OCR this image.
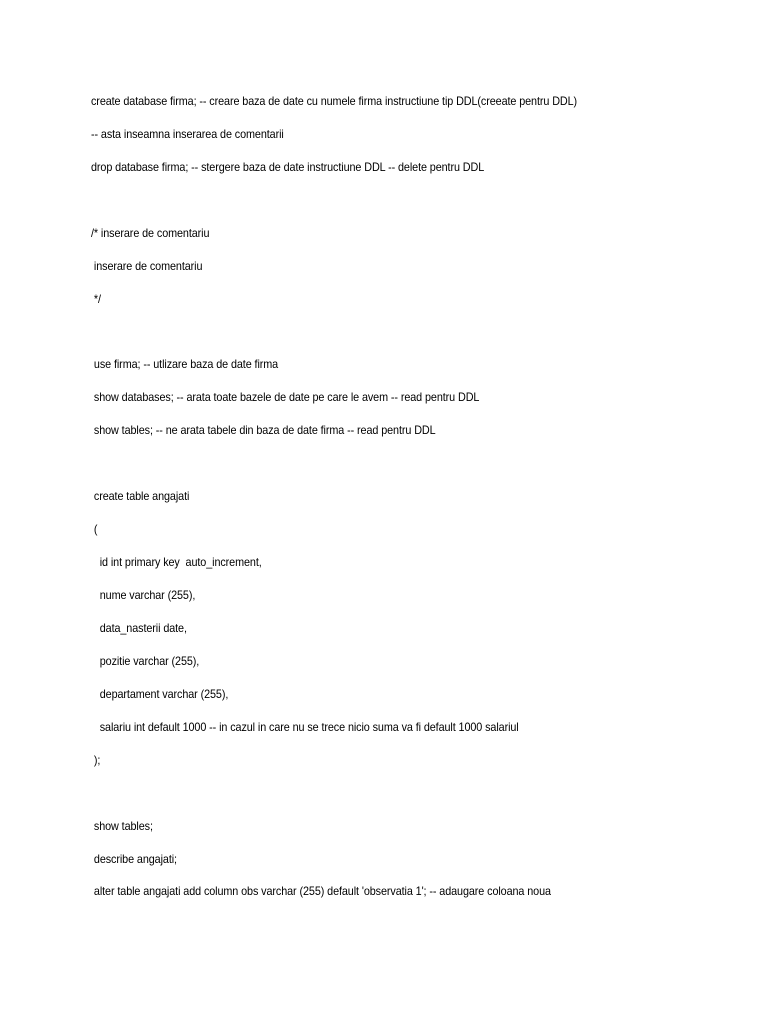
create database firma; -- creare baza de date cu numele firma instructiune tip DDL(creeate pentru DDL)
-- asta inseamna inserarea de comentarii
drop database firma; -- stergere baza de date instructiune DDL -- delete pentru DDL
/* inserare de comentariu
inserare de comentariu
*/
use firma; -- utlizare baza de date firma
show databases; -- arata toate bazele de date pe care le avem -- read pentru DDL
show tables; -- ne arata tabele din baza de date firma -- read pentru DDL
create table angajati
(
id int primary key  auto_increment,
nume varchar (255),
data_nasterii date,
pozitie varchar (255),
departament varchar (255),
salariu int default 1000 -- in cazul in care nu se trece nicio suma va fi default 1000 salariul
);
show tables;
describe angajati;
alter table angajati add column obs varchar (255) default 'observatia 1'; -- adaugare coloana noua
